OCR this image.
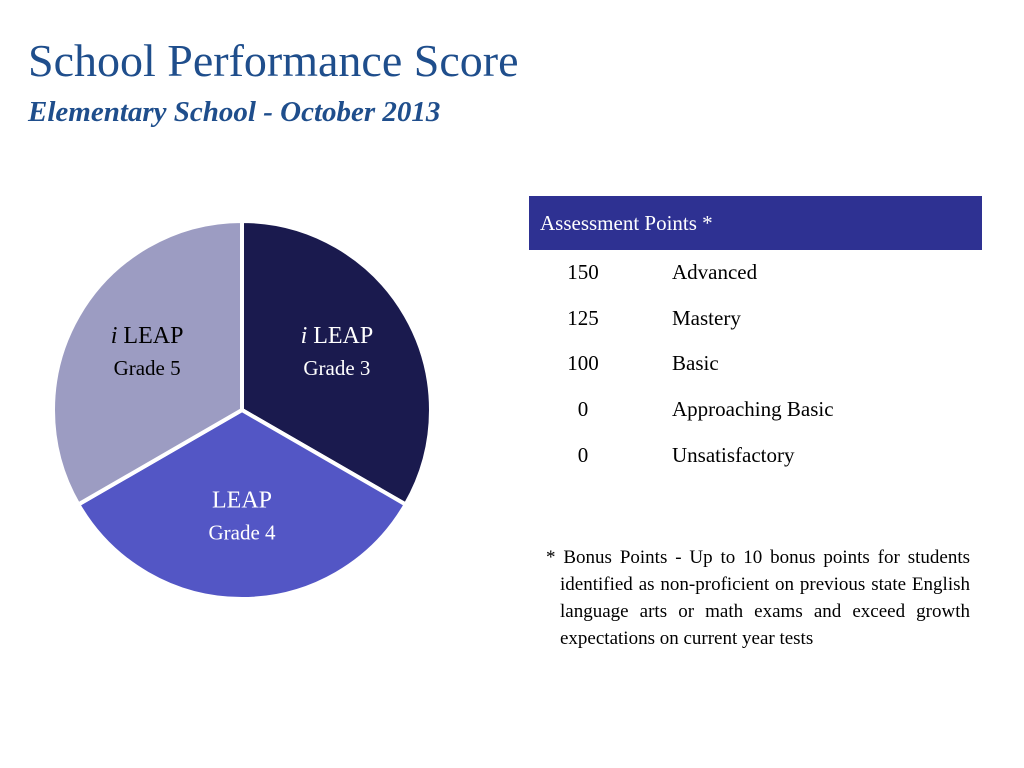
School Performance Score
Elementary School - October 2013
i LEAP
Grade 3
LEAP
Grade 4
i LEAP
Grade 5
Assessment Points *	
150	Advanced
125	Mastery
100	Basic
0	Approaching Basic
0	Unsatisfactory

* Bonus Points - Up to 10 bonus points for students identified as non-proficient on previous state English language arts or math exams and exceed growth expectations on current year tests
